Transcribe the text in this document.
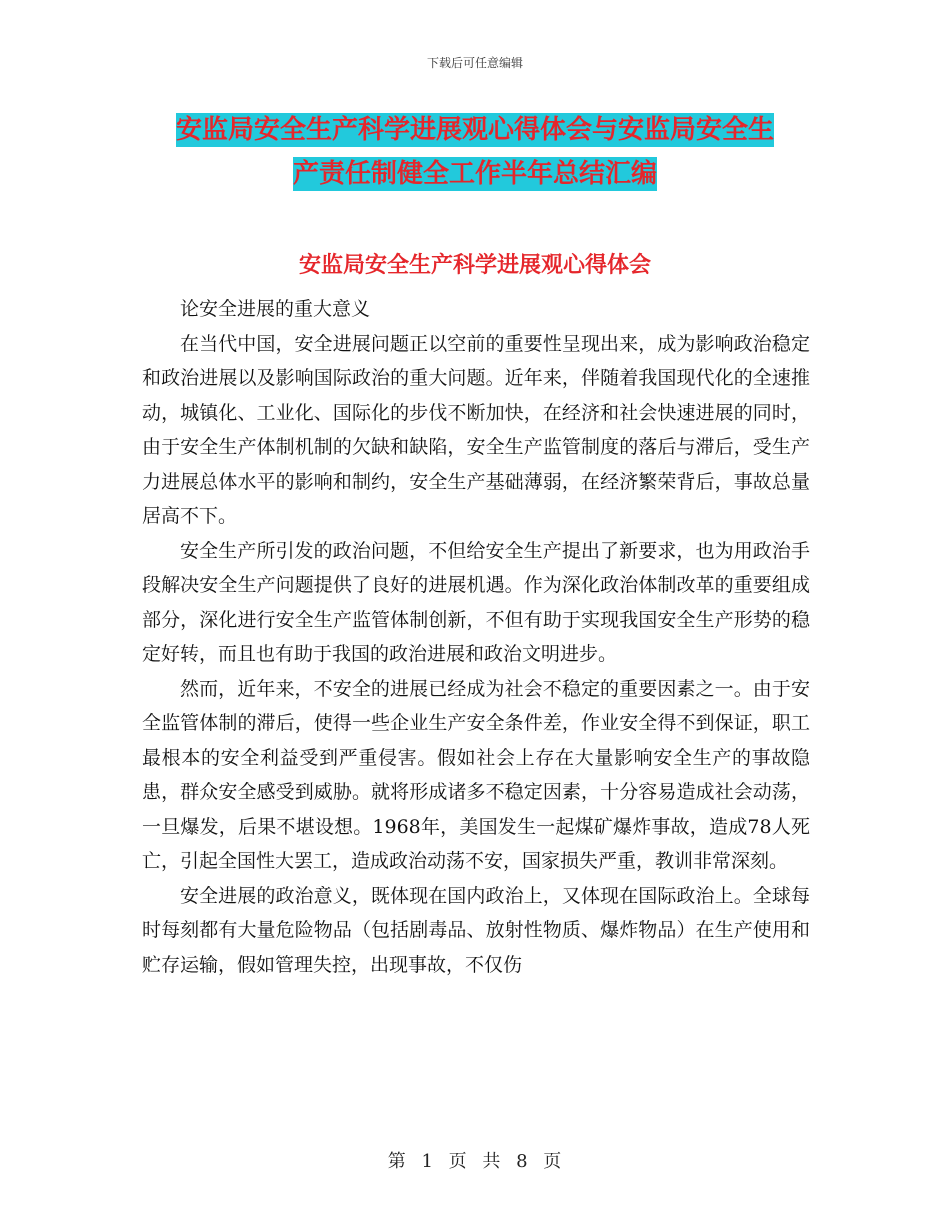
下载后可任意编辑
安监局安全生产科学进展观心得体会与安监局安全生
产责任制健全工作半年总结汇编
安监局安全生产科学进展观心得体会

论安全进展的重大意义

在当代中国，安全进展问题正以空前的重要性呈现出来，成为影响政治稳定和政治进展以及影响国际政治的重大问题。近年来，伴随着我国现代化的全速推动，城镇化、工业化、国际化的步伐不断加快，在经济和社会快速进展的同时，由于安全生产体制机制的欠缺和缺陷，安全生产监管制度的落后与滞后，受生产力进展总体水平的影响和制约，安全生产基础薄弱，在经济繁荣背后，事故总量居高不下。

安全生产所引发的政治问题，不但给安全生产提出了新要求，也为用政治手段解决安全生产问题提供了良好的进展机遇。作为深化政治体制改革的重要组成部分，深化进行安全生产监管体制创新，不但有助于实现我国安全生产形势的稳定好转，而且也有助于我国的政治进展和政治文明进步。

然而，近年来，不安全的进展已经成为社会不稳定的重要因素之一。由于安全监管体制的滞后，使得一些企业生产安全条件差，作业安全得不到保证，职工最根本的安全利益受到严重侵害。假如社会上存在大量影响安全生产的事故隐患，群众安全感受到威胁。就将形成诸多不稳定因素，十分容易造成社会动荡，一旦爆发，后果不堪设想。1968年，美国发生一起煤矿爆炸事故，造成78人死亡，引起全国性大罢工，造成政治动荡不安，国家损失严重，教训非常深刻。

安全进展的政治意义，既体现在国内政治上，又体现在国际政治上。全球每时每刻都有大量危险物品（包括剧毒品、放射性物质、爆炸物品）在生产使用和贮存运输，假如管理失控，出现事故，不仅伤

第 1 页 共 8 页
